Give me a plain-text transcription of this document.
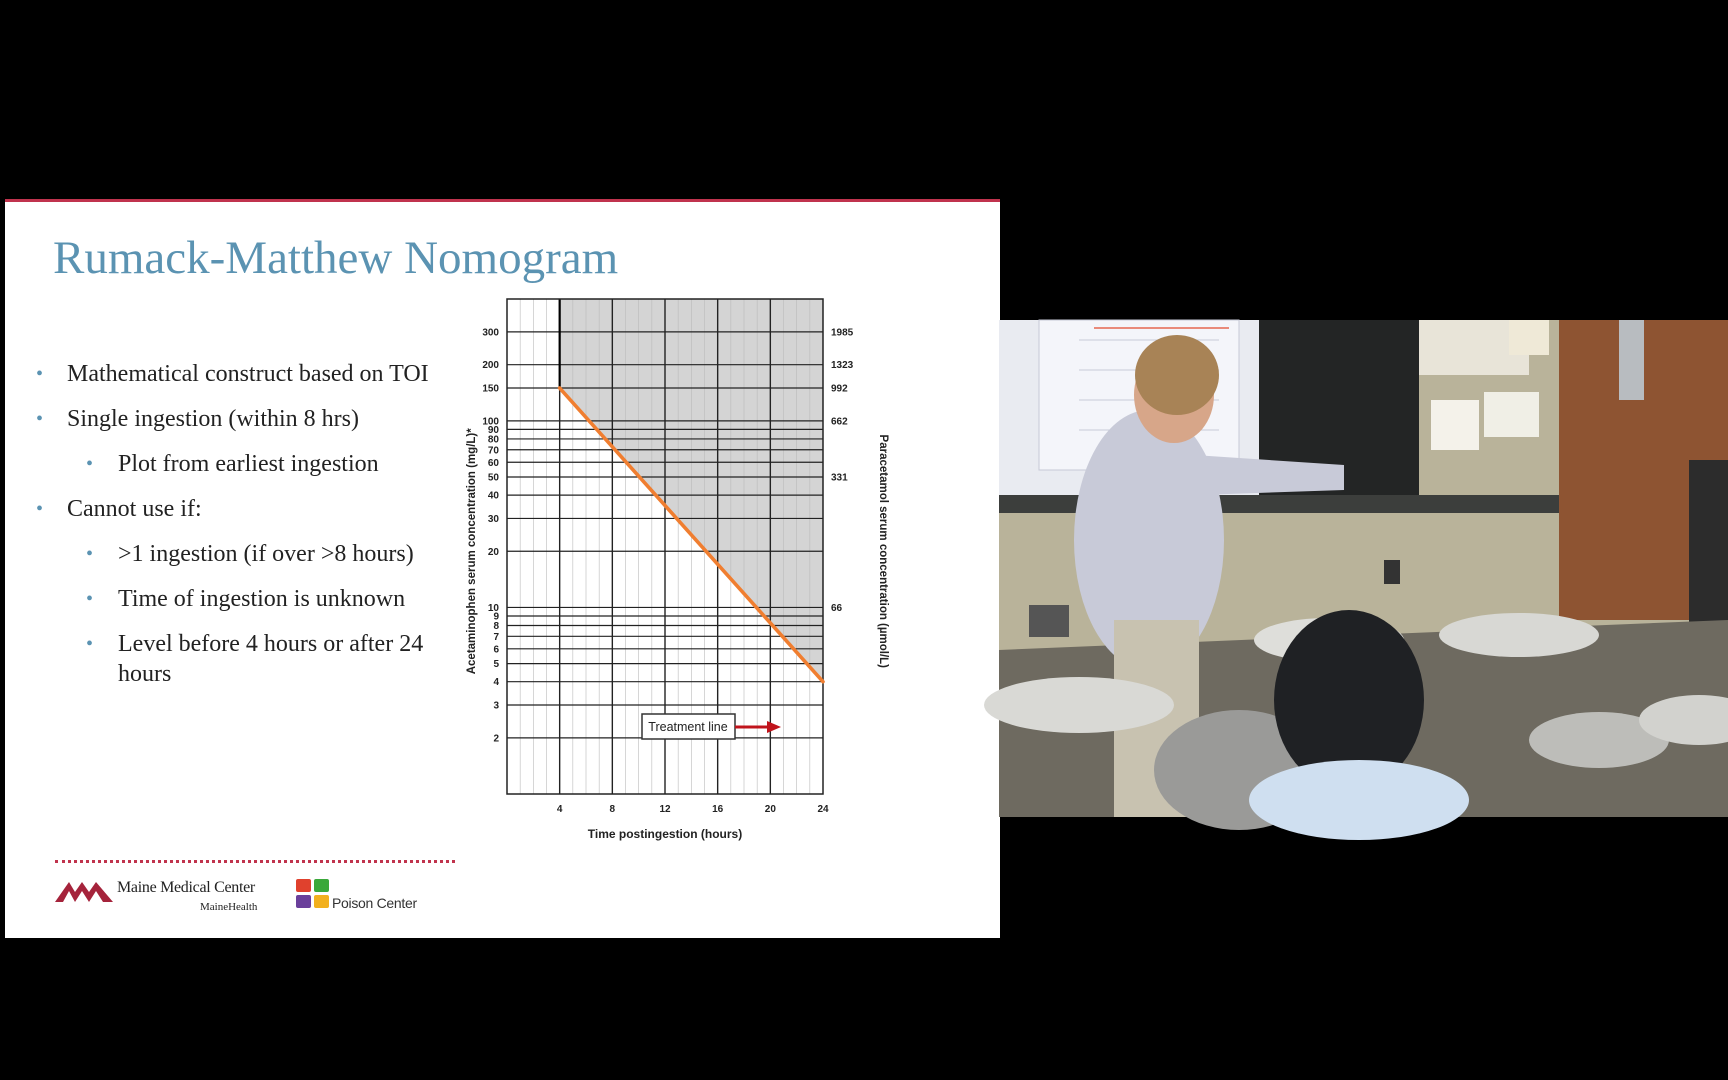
Rumack-Matthew Nomogram
• Mathematical construct based on TOI
• Single ingestion (within 8 hrs)
• Plot from earliest ingestion
• Cannot use if:
• >1 ingestion (if over >8 hours)
• Time of ingestion is unknown
• Level before 4 hours or after 24 hours
Maine Medical Center
MaineHealth	Poison Center
2
3
4
5
6
7
8
9
10
20
30
40
50
60
70
80
90
100
150
200
300	1985
1323
992
662
331
66
4	8	12	16	20	24
Time postingestion (hours)
Acetaminophen serum concentration (mg/L)*	Paracetamol serum concentration (µmol/L)
Treatment line
